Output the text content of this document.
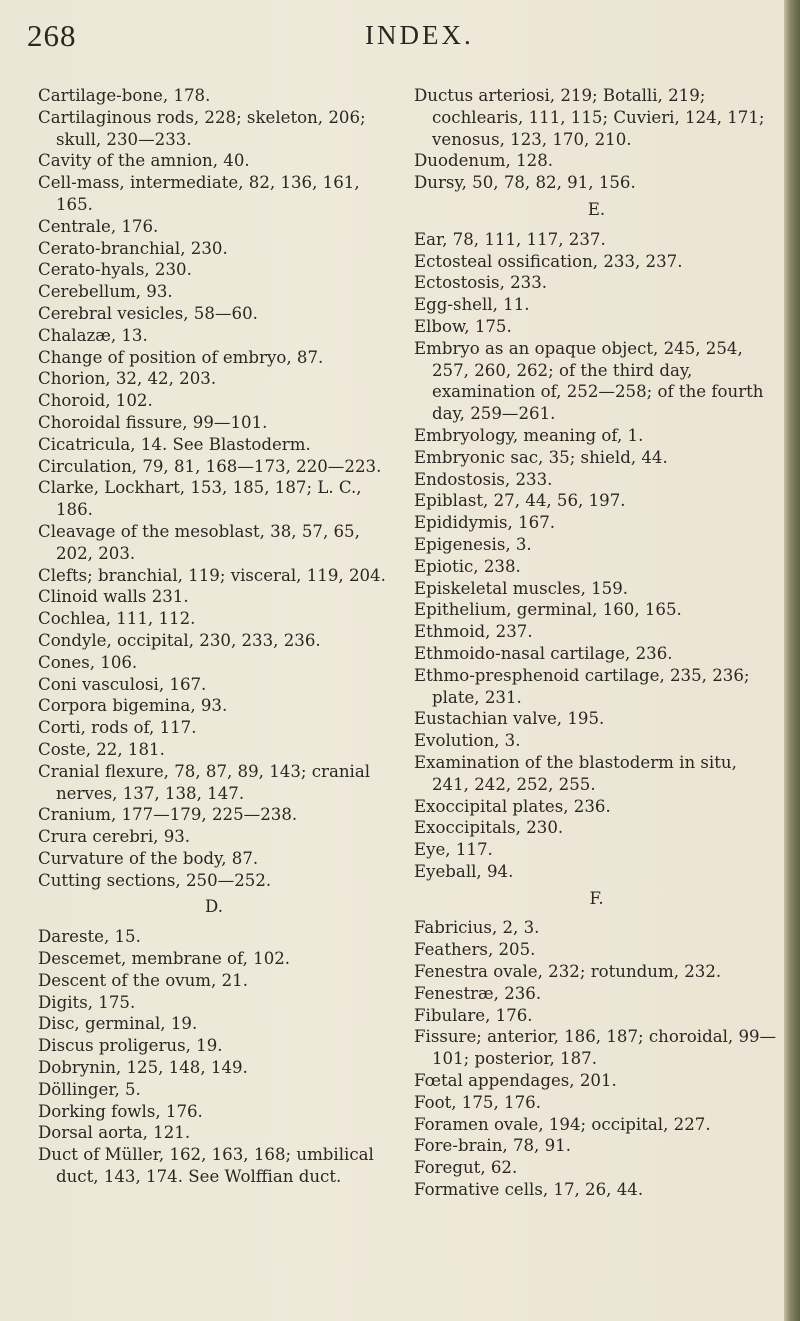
268	INDEX.

Cartilage-bone, 178.

Cartilaginous rods, 228; skeleton, 206; skull, 230—233.

Cavity of the amnion, 40.

Cell-mass, intermediate, 82, 136, 161, 165.

Centrale, 176.

Cerato-branchial, 230.

Cerato-hyals, 230.

Cerebellum, 93.

Cerebral vesicles, 58—60.

Chalazæ, 13.

Change of position of embryo, 87.

Chorion, 32, 42, 203.

Choroid, 102.

Choroidal fissure, 99—101.

Cicatricula, 14. See Blastoderm.

Circulation, 79, 81, 168—173, 220—223.

Clarke, Lockhart, 153, 185, 187; L. C., 186.

Cleavage of the mesoblast, 38, 57, 65, 202, 203.

Clefts; branchial, 119; visceral, 119, 204.

Clinoid walls 231.

Cochlea, 111, 112.

Condyle, occipital, 230, 233, 236.

Cones, 106.

Coni vasculosi, 167.

Corpora bigemina, 93.

Corti, rods of, 117.

Coste, 22, 181.

Cranial flexure, 78, 87, 89, 143; cranial nerves, 137, 138, 147.

Cranium, 177—179, 225—238.

Crura cerebri, 93.

Curvature of the body, 87.

Cutting sections, 250—252.

D.

Dareste, 15.

Descemet, membrane of, 102.

Descent of the ovum, 21.

Digits, 175.

Disc, germinal, 19.

Discus proligerus, 19.

Dobrynin, 125, 148, 149.

Döllinger, 5.

Dorking fowls, 176.

Dorsal aorta, 121.

Duct of Müller, 162, 163, 168; umbilical duct, 143, 174. See Wolffian duct.

Ductus arteriosi, 219; Botalli, 219; cochlearis, 111, 115; Cuvieri, 124, 171; venosus, 123, 170, 210.

Duodenum, 128.

Dursy, 50, 78, 82, 91, 156.

E.

Ear, 78, 111, 117, 237.

Ectosteal ossification, 233, 237.

Ectostosis, 233.

Egg-shell, 11.

Elbow, 175.

Embryo as an opaque object, 245, 254, 257, 260, 262; of the third day, examination of, 252—258; of the fourth day, 259—261.

Embryology, meaning of, 1.

Embryonic sac, 35; shield, 44.

Endostosis, 233.

Epiblast, 27, 44, 56, 197.

Epididymis, 167.

Epigenesis, 3.

Epiotic, 238.

Episkeletal muscles, 159.

Epithelium, germinal, 160, 165.

Ethmoid, 237.

Ethmoido-nasal cartilage, 236.

Ethmo-presphenoid cartilage, 235, 236; plate, 231.

Eustachian valve, 195.

Evolution, 3.

Examination of the blastoderm in situ, 241, 242, 252, 255.

Exoccipital plates, 236.

Exoccipitals, 230.

Eye, 117.

Eyeball, 94.

F.

Fabricius, 2, 3.

Feathers, 205.

Fenestra ovale, 232; rotundum, 232.

Fenestræ, 236.

Fibulare, 176.

Fissure; anterior, 186, 187; choroidal, 99—101; posterior, 187.

Fœtal appendages, 201.

Foot, 175, 176.

Foramen ovale, 194; occipital, 227.

Fore-brain, 78, 91.

Foregut, 62.

Formative cells, 17, 26, 44.
